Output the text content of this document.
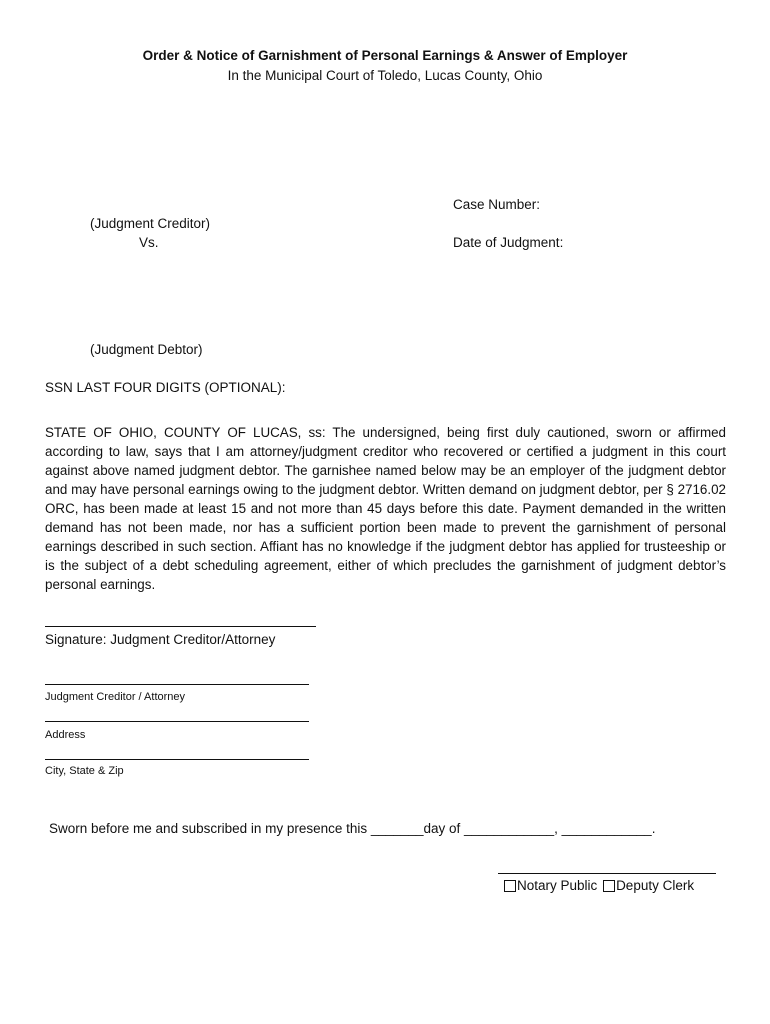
Order & Notice of Garnishment of Personal Earnings & Answer of Employer
In the Municipal Court of Toledo, Lucas County, Ohio
Case Number:
(Judgment Creditor)
Vs.	Date of Judgment:
(Judgment Debtor)
SSN LAST FOUR DIGITS (OPTIONAL):
STATE OF OHIO, COUNTY OF LUCAS, ss: The undersigned, being first duly cautioned, sworn or affirmed according to law, says that I am attorney/judgment creditor who recovered or certified a judgment in this court against above named judgment debtor. The garnishee named below may be an employer of the judgment debtor and may have personal earnings owing to the judgment debtor. Written demand on judgment debtor, per § 2716.02 ORC, has been made at least 15 and not more than 45 days before this date. Payment demanded in the written demand has not been made, nor has a sufficient portion been made to prevent the garnishment of personal earnings described in such section. Affiant has no knowledge if the judgment debtor has applied for trusteeship or is the subject of a debt scheduling agreement, either of which precludes the garnishment of judgment debtor’s personal earnings.
Signature: Judgment Creditor/Attorney
Judgment Creditor / Attorney
Address
City, State & Zip
Sworn before me and subscribed in my presence this _______day of ____________, ____________.
Notary Public Deputy Clerk
